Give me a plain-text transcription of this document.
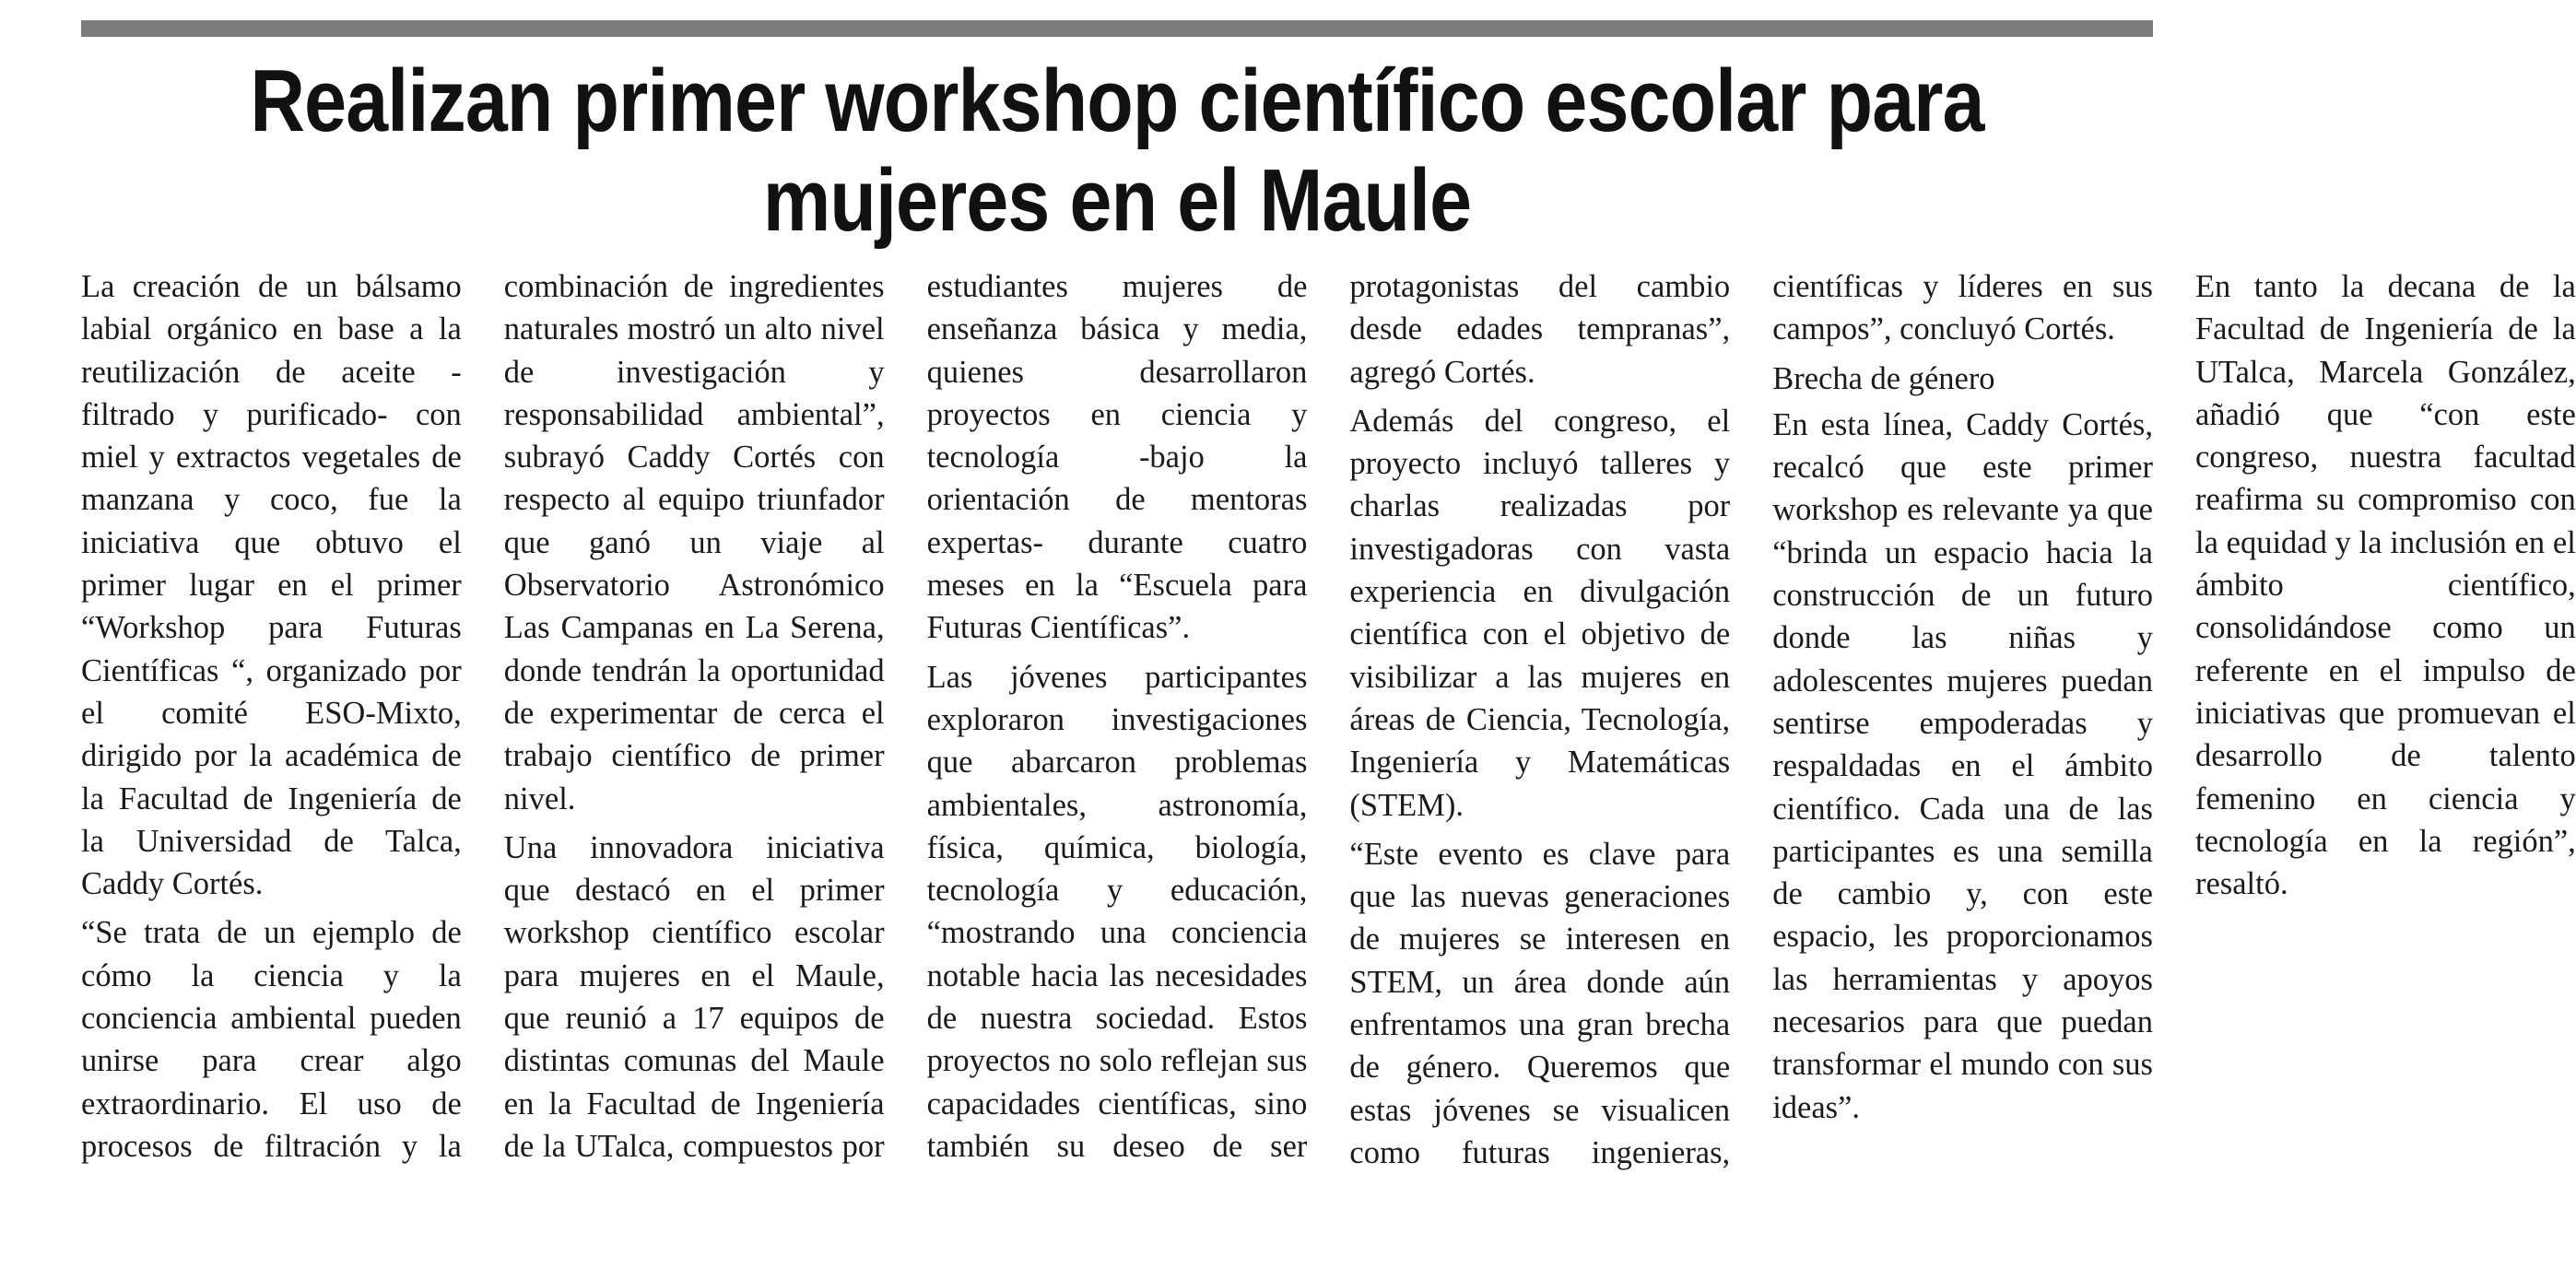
Realizan primer workshop científico escolar para mujeres en el Maule

La creación de un bálsamo labial orgánico en base a la reutilización de aceite -filtrado y purificado- con miel y extractos vegetales de manzana y coco, fue la iniciativa que obtuvo el primer lugar en el primer “Workshop para Futuras Científicas “, organizado por el comité ESO-Mixto, dirigido por la académica de la Facultad de Ingeniería de la Universidad de Talca, Caddy Cortés.

“Se trata de un ejemplo de cómo la ciencia y la conciencia ambiental pueden unirse para crear algo extraordinario. El uso de procesos de filtración y la combinación de ingredientes naturales mostró un alto nivel de investigación y responsabilidad ambiental”, subrayó Caddy Cortés con respecto al equipo triunfador que ganó un viaje al Observatorio Astronómico Las Campanas en La Serena, donde tendrán la oportunidad de experimentar de cerca el trabajo científico de primer nivel.

Una innovadora iniciativa que destacó en el primer workshop científico escolar para mujeres en el Maule, que reunió a 17 equipos de distintas comunas del Maule en la Facultad de Ingeniería de la UTalca, compuestos por estudiantes mujeres de enseñanza básica y media, quienes desarrollaron proyectos en ciencia y tecnología -bajo la orientación de mentoras expertas- durante cuatro meses en la “Escuela para Futuras Científicas”.

Las jóvenes participantes exploraron investigaciones que abarcaron problemas ambientales, astronomía, física, química, biología, tecnología y educación, “mostrando una conciencia notable hacia las necesidades de nuestra sociedad. Estos proyectos no solo reflejan sus capacidades científicas, sino también su deseo de ser protagonistas del cambio desde edades tempranas”, agregó Cortés.

Además del congreso, el proyecto incluyó talleres y charlas realizadas por investigadoras con vasta experiencia en divulgación científica con el objetivo de visibilizar a las mujeres en áreas de Ciencia, Tecnología, Ingeniería y Matemáticas (STEM).

“Este evento es clave para que las nuevas generaciones de mujeres se interesen en STEM, un área donde aún enfrentamos una gran brecha de género. Queremos que estas jóvenes se visualicen como futuras ingenieras, científicas y líderes en sus campos”, concluyó Cortés.

Brecha de género

En esta línea, Caddy Cortés, recalcó que este primer workshop es relevante ya que “brinda un espacio hacia la construcción de un futuro donde las niñas y adolescentes mujeres puedan sentirse empoderadas y respaldadas en el ámbito científico. Cada una de las participantes es una semilla de cambio y, con este espacio, les proporcionamos las herramientas y apoyos necesarios para que puedan transformar el mundo con sus ideas”.

En tanto la decana de la Facultad de Ingeniería de la UTalca, Marcela González, añadió que “con este congreso, nuestra facultad reafirma su compromiso con la equidad y la inclusión en el ámbito científico, consolidándose como un referente en el impulso de iniciativas que promuevan el desarrollo de talento femenino en ciencia y tecnología en la región”, resaltó.
